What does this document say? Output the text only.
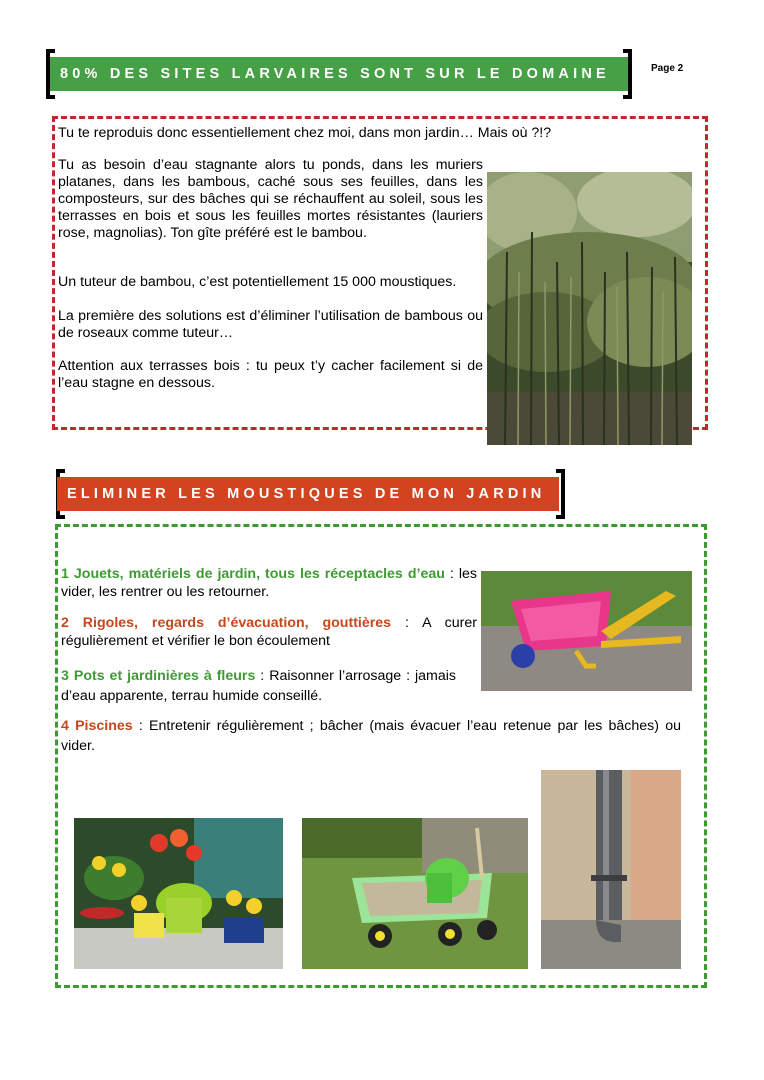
80% DES SITES LARVAIRES SONT SUR LE DOMAINE	Page 2
Tu te reproduis donc essentiellement chez moi, dans mon jardin… Mais où ?!?
Tu as besoin d’eau stagnante alors tu ponds, dans les muriers platanes, dans les bambous, caché sous ses feuilles, dans les composteurs, sur des bâches qui se réchauffent au soleil, sous les terrasses en bois et sous les feuilles mortes résistantes (lauriers rose, magnolias). Ton gîte préféré est le bambou.
Un tuteur de bambou, c’est potentiellement 15 000 moustiques.
La première des solutions est d’éliminer l’utilisation de bambous ou de roseaux comme tuteur…
Attention aux terrasses bois : tu peux t’y cacher facilement si de l’eau stagne en dessous.
ELIMINER LES MOUSTIQUES DE MON JARDIN
1 Jouets, matériels de jardin, tous les réceptacles d’eau : les vider, les rentrer ou les retourner.
2 Rigoles, regards d’évacuation, gouttières : A curer régulièrement et vérifier le bon écoulement
3 Pots et jardinières à fleurs : Raisonner l’arrosage : jamais d’eau apparente, terrau humide conseillé.
4 Piscines : Entretenir régulièrement ; bâcher (mais évacuer l’eau retenue par les bâches) ou vider.
